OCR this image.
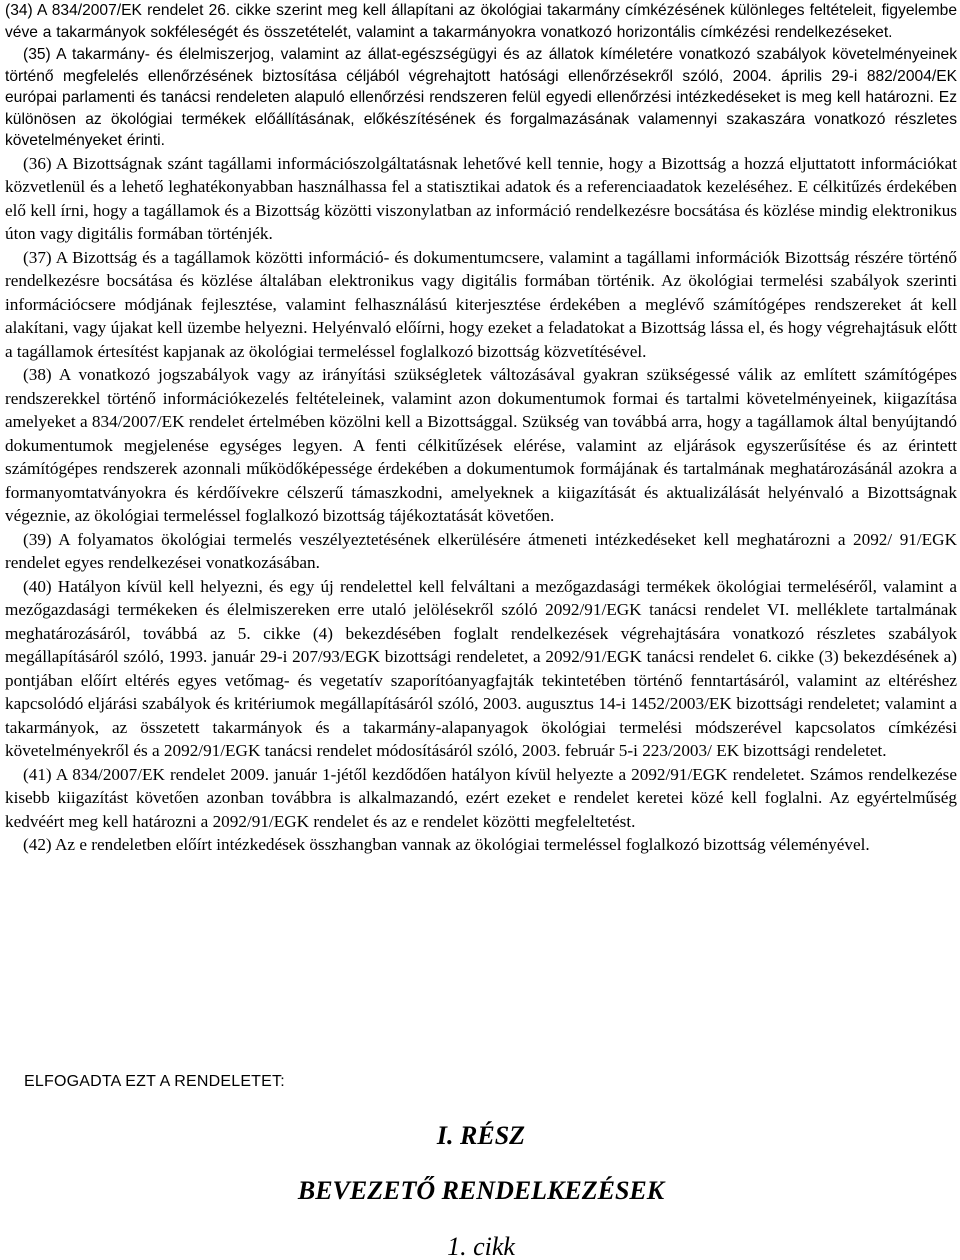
(34) A 834/2007/EK rendelet 26. cikke szerint meg kell állapítani az ökológiai takarmány címkézésének különleges feltételeit, figyelembe véve a takarmányok sokféleségét és összetételét, valamint a takarmányokra vonatkozó horizontális címkézési rendelkezéseket.

(35) A takarmány- és élelmiszerjog, valamint az állat-egészségügyi és az állatok kíméletére vonatkozó szabályok követelményeinek történő megfelelés ellenőrzésének biztosítása céljából végrehajtott hatósági ellenőrzésekről szóló, 2004. április 29-i 882/2004/EK európai parlamenti és tanácsi rendeleten alapuló ellenőrzési rendszeren felül egyedi ellenőrzési intézkedéseket is meg kell határozni. Ez különösen az ökológiai termékek előállításának, előkészítésének és forgalmazásának valamennyi szakaszára vonatkozó részletes követelményeket érinti.

(36) A Bizottságnak szánt tagállami információszolgáltatásnak lehetővé kell tennie, hogy a Bizottság a hozzá eljuttatott információkat közvetlenül és a lehető leghatékonyabban használhassa fel a statisztikai adatok és a referenciaadatok kezeléséhez. E célkitűzés érdekében elő kell írni, hogy a tagállamok és a Bizottság közötti viszonylatban az információ rendelkezésre bocsátása és közlése mindig elektronikus úton vagy digitális formában történjék.

(37) A Bizottság és a tagállamok közötti információ- és dokumentumcsere, valamint a tagállami információk Bizottság részére történő rendelkezésre bocsátása és közlése általában elektronikus vagy digitális formában történik. Az ökológiai termelési szabályok szerinti információcsere módjának fejlesztése, valamint felhasználású kiterjesztése érdekében a meglévő számítógépes rendszereket át kell alakítani, vagy újakat kell üzembe helyezni. Helyénvaló előírni, hogy ezeket a feladatokat a Bizottság lássa el, és hogy végrehajtásuk előtt a tagállamok értesítést kapjanak az ökológiai termeléssel foglalkozó bizottság közvetítésével.

(38) A vonatkozó jogszabályok vagy az irányítási szükségletek változásával gyakran szükségessé válik az említett számítógépes rendszerekkel történő információkezelés feltételeinek, valamint azon dokumentumok formai és tartalmi követelményeinek, kiigazítása amelyeket a 834/2007/EK rendelet értelmében közölni kell a Bizottsággal. Szükség van továbbá arra, hogy a tagállamok által benyújtandó dokumentumok megjelenése egységes legyen. A fenti célkitűzések elérése, valamint az eljárások egyszerűsítése és az érintett számítógépes rendszerek azonnali működőképessége érdekében a dokumentumok formájának és tartalmának meghatározásánál azokra a formanyomtatványokra és kérdőívekre célszerű támaszkodni, amelyeknek a kiigazítását és aktualizálását helyénvaló a Bizottságnak végeznie, az ökológiai termeléssel foglalkozó bizottság tájékoztatását követően.

(39) A folyamatos ökológiai termelés veszélyeztetésének elkerülésére átmeneti intézkedéseket kell meghatározni a 2092/ 91/EGK rendelet egyes rendelkezései vonatkozásában.

(40) Hatályon kívül kell helyezni, és egy új rendelettel kell felváltani a mezőgazdasági termékek ökológiai termeléséről, valamint a mezőgazdasági termékeken és élelmiszereken erre utaló jelölésekről szóló 2092/91/EGK tanácsi rendelet VI. melléklete tartalmának meghatározásáról, továbbá az 5. cikke (4) bekezdésében foglalt rendelkezések végrehajtására vonatkozó részletes szabályok megállapításáról szóló, 1993. január 29-i 207/93/EGK bizottsági rendeletet, a 2092/91/EGK tanácsi rendelet 6. cikke (3) bekezdésének a) pontjában előírt eltérés egyes vetőmag- és vegetatív szaporítóanyagfajták tekintetében történő fenntartásáról, valamint az eltéréshez kapcsolódó eljárási szabályok és kritériumok megállapításáról szóló, 2003. augusztus 14-i 1452/2003/EK bizottsági rendeletet; valamint a takarmányok, az összetett takarmányok és a takarmány-alapanyagok ökológiai termelési módszerével kapcsolatos címkézési követelményekről és a 2092/91/EGK tanácsi rendelet módosításáról szóló, 2003. február 5-i 223/2003/ EK bizottsági rendeletet.

(41) A 834/2007/EK rendelet 2009. január 1-jétől kezdődően hatályon kívül helyezte a 2092/91/EGK rendeletet. Számos rendelkezése kisebb kiigazítást követően azonban továbbra is alkalmazandó, ezért ezeket e rendelet keretei közé kell foglalni. Az egyértelműség kedvéért meg kell határozni a 2092/91/EGK rendelet és az e rendelet közötti megfeleltetést.

(42) Az e rendeletben előírt intézkedések összhangban vannak az ökológiai termeléssel foglalkozó bizottság véleményével.

ELFOGADTA EZT A RENDELETET:

I. RÉSZ

BEVEZETŐ RENDELKEZÉSEK

1. cikk
